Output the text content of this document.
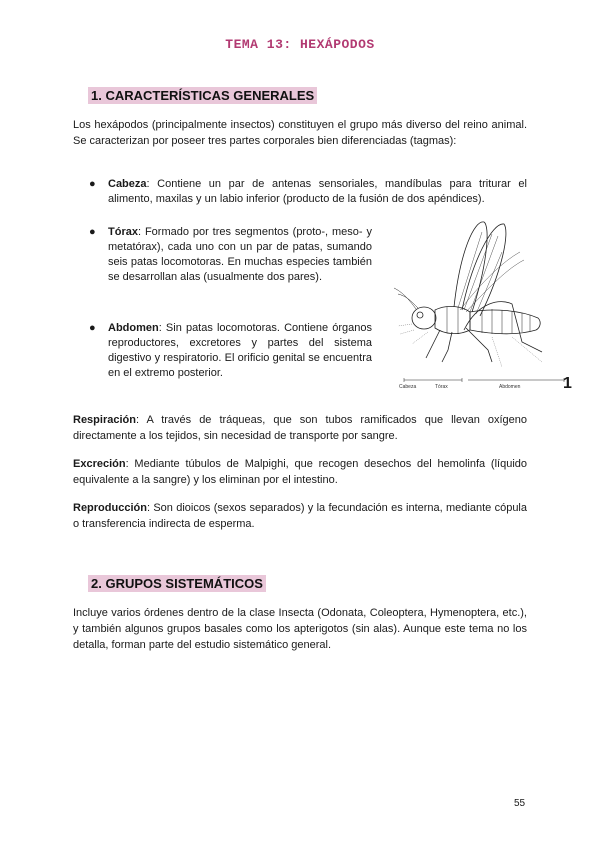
TEMA 13: HEXÁPODOS
1. CARACTERÍSTICAS GENERALES
Los hexápodos (principalmente insectos) constituyen el grupo más diverso del reino animal. Se caracterizan por poseer tres partes corporales bien diferenciadas (tagmas):
● Cabeza: Contiene un par de antenas sensoriales, mandíbulas para triturar el alimento, maxilas y un labio inferior (producto de la fusión de dos apéndices).
● Tórax: Formado por tres segmentos (proto-, meso- y metatórax), cada uno con un par de patas, sumando seis patas locomotoras. En muchas especies también se desarrollan alas (usualmente dos pares).
● Abdomen: Sin patas locomotoras. Contiene órganos reproductores, excretores y partes del sistema digestivo y respiratorio. El orificio genital se encuentra en el extremo posterior.
Cabeza	Tórax	Abdomen	1
Respiración: A través de tráqueas, que son tubos ramificados que llevan oxígeno directamente a los tejidos, sin necesidad de transporte por sangre.
Excreción: Mediante túbulos de Malpighi, que recogen desechos del hemolinfa (líquido equivalente a la sangre) y los eliminan por el intestino.
Reproducción: Son dioicos (sexos separados) y la fecundación es interna, mediante cópula o transferencia indirecta de esperma.
2. GRUPOS SISTEMÁTICOS
Incluye varios órdenes dentro de la clase Insecta (Odonata, Coleoptera, Hymenoptera, etc.), y también algunos grupos basales como los apterigotos (sin alas). Aunque este tema no los detalla, forman parte del estudio sistemático general.
55
